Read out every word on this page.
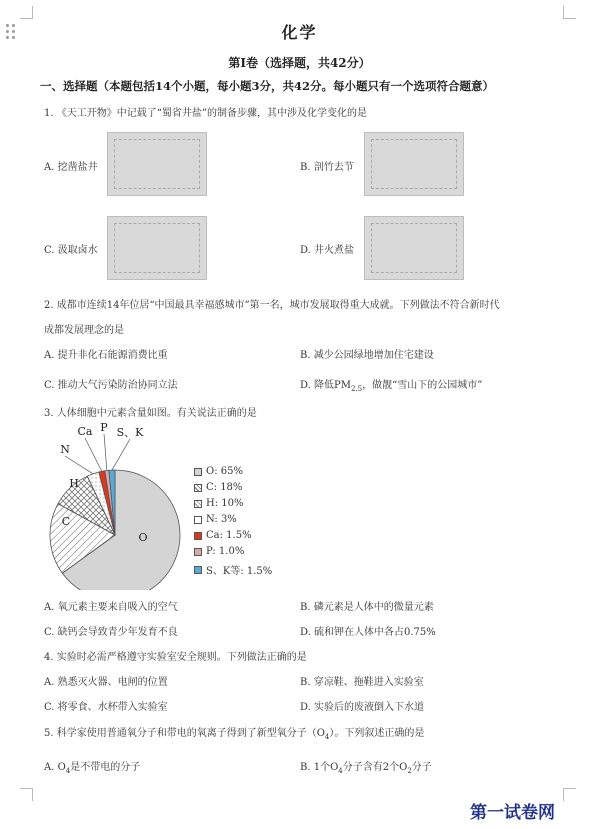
化学
第I卷（选择题，共42分）
一、选择题（本题包括14个小题，每小题3分，共42分。每小题只有一个选项符合题意）
1. 《天工开物》中记载了“蜀省井盐”的制备步骤，其中涉及化学变化的是
A. 挖凿盐井	B. 剖竹去节
C. 汲取卤水	D. 井火煮盐
2. 成都市连续14年位居“中国最具幸福感城市”第一名，城市发展取得重大成就。下列做法不符合新时代
成都发展理念的是
A. 提升非化石能源消费比重	B. 减少公园绿地增加住宅建设
C. 推动大气污染防治协同立法	D. 降低$PM_{2.5}$，做靓“雪山下的公园城市”
3. 人体细胞中元素含量如图。有关说法正确的是
O
C
H
N
Ca P S、K
O: 65%
C: 18%
H: 10%
N: 3%
Ca: 1.5%
P: 1.0%
S、K等: 1.5%
A. 氧元素主要来自吸入的空气	B. 磷元素是人体中的微量元素
C. 缺钙会导致青少年发育不良	D. 硫和钾在人体中各占0.75%
4. 实验时必需严格遵守实验室安全规则。下列做法正确的是
A. 熟悉灭火器、电闸的位置	B. 穿凉鞋、拖鞋进入实验室
C. 将零食、水杯带入实验室	D. 实验后的废液倒入下水道
5. 科学家使用普通氧分子和带电的氧离子得到了新型氧分子$(O_4)$。下列叙述正确的是
A. $O_4$是不带电的分子	B. 1个$O_4$分子含有2个$O_2$分子
第一试卷网
